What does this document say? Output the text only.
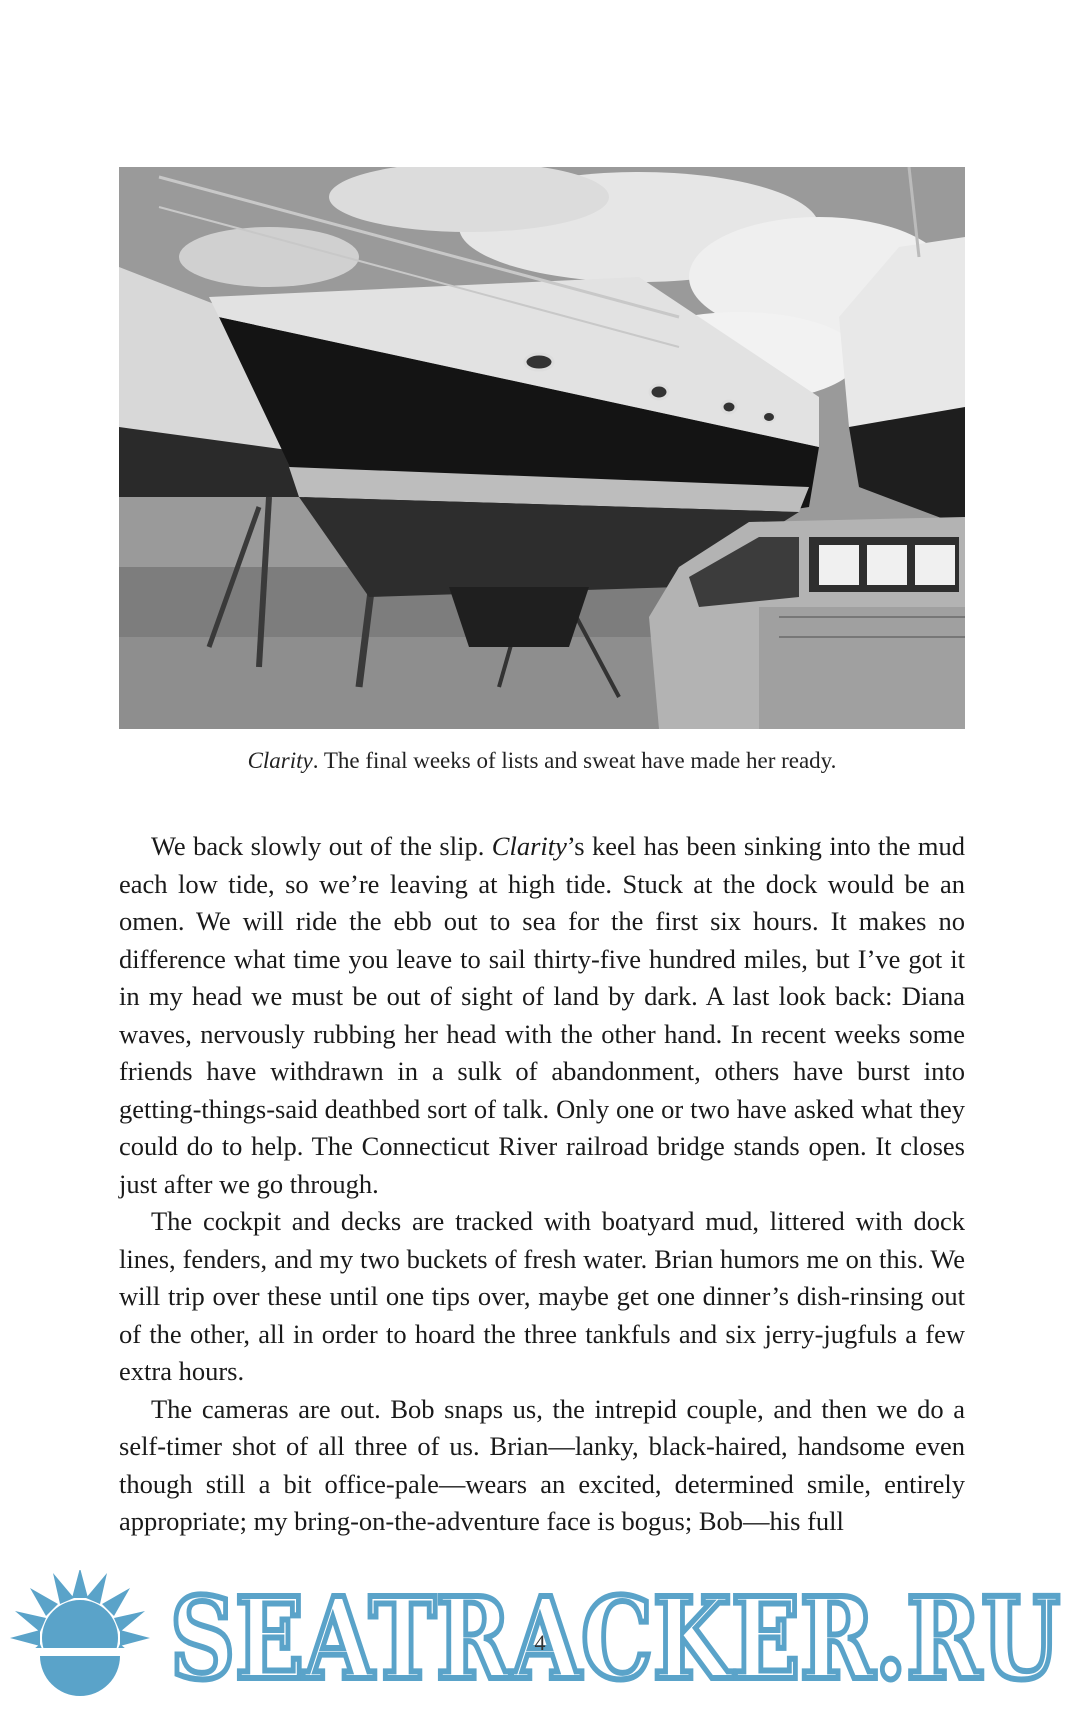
Clarity. The final weeks of lists and sweat have made her ready.

We back slowly out of the slip. Clarity’s keel has been sinking into the mud each low tide, so we’re leaving at high tide. Stuck at the dock would be an omen. We will ride the ebb out to sea for the first six hours. It makes no difference what time you leave to sail thirty-five hundred miles, but I’ve got it in my head we must be out of sight of land by dark. A last look back: Diana waves, nervously rubbing her head with the other hand. In recent weeks some friends have withdrawn in a sulk of abandonment, others have burst into getting-things-said deathbed sort of talk. Only one or two have asked what they could do to help. The Connecticut River railroad bridge stands open. It closes just after we go through.

The cockpit and decks are tracked with boatyard mud, littered with dock lines, fenders, and my two buckets of fresh water. Brian humors me on this. We will trip over these until one tips over, maybe get one dinner’s dish-rinsing out of the other, all in order to hoard the three tankfuls and six jerry-jugfuls a few extra hours.

The cameras are out. Bob snaps us, the intrepid couple, and then we do a self-timer shot of all three of us. Brian—lanky, black-haired, handsome even though still a bit office-pale—wears an excited, determined smile, entirely appropriate; my bring-on-the-adventure face is bogus; Bob—his full

SEATRACKER.RU
4
